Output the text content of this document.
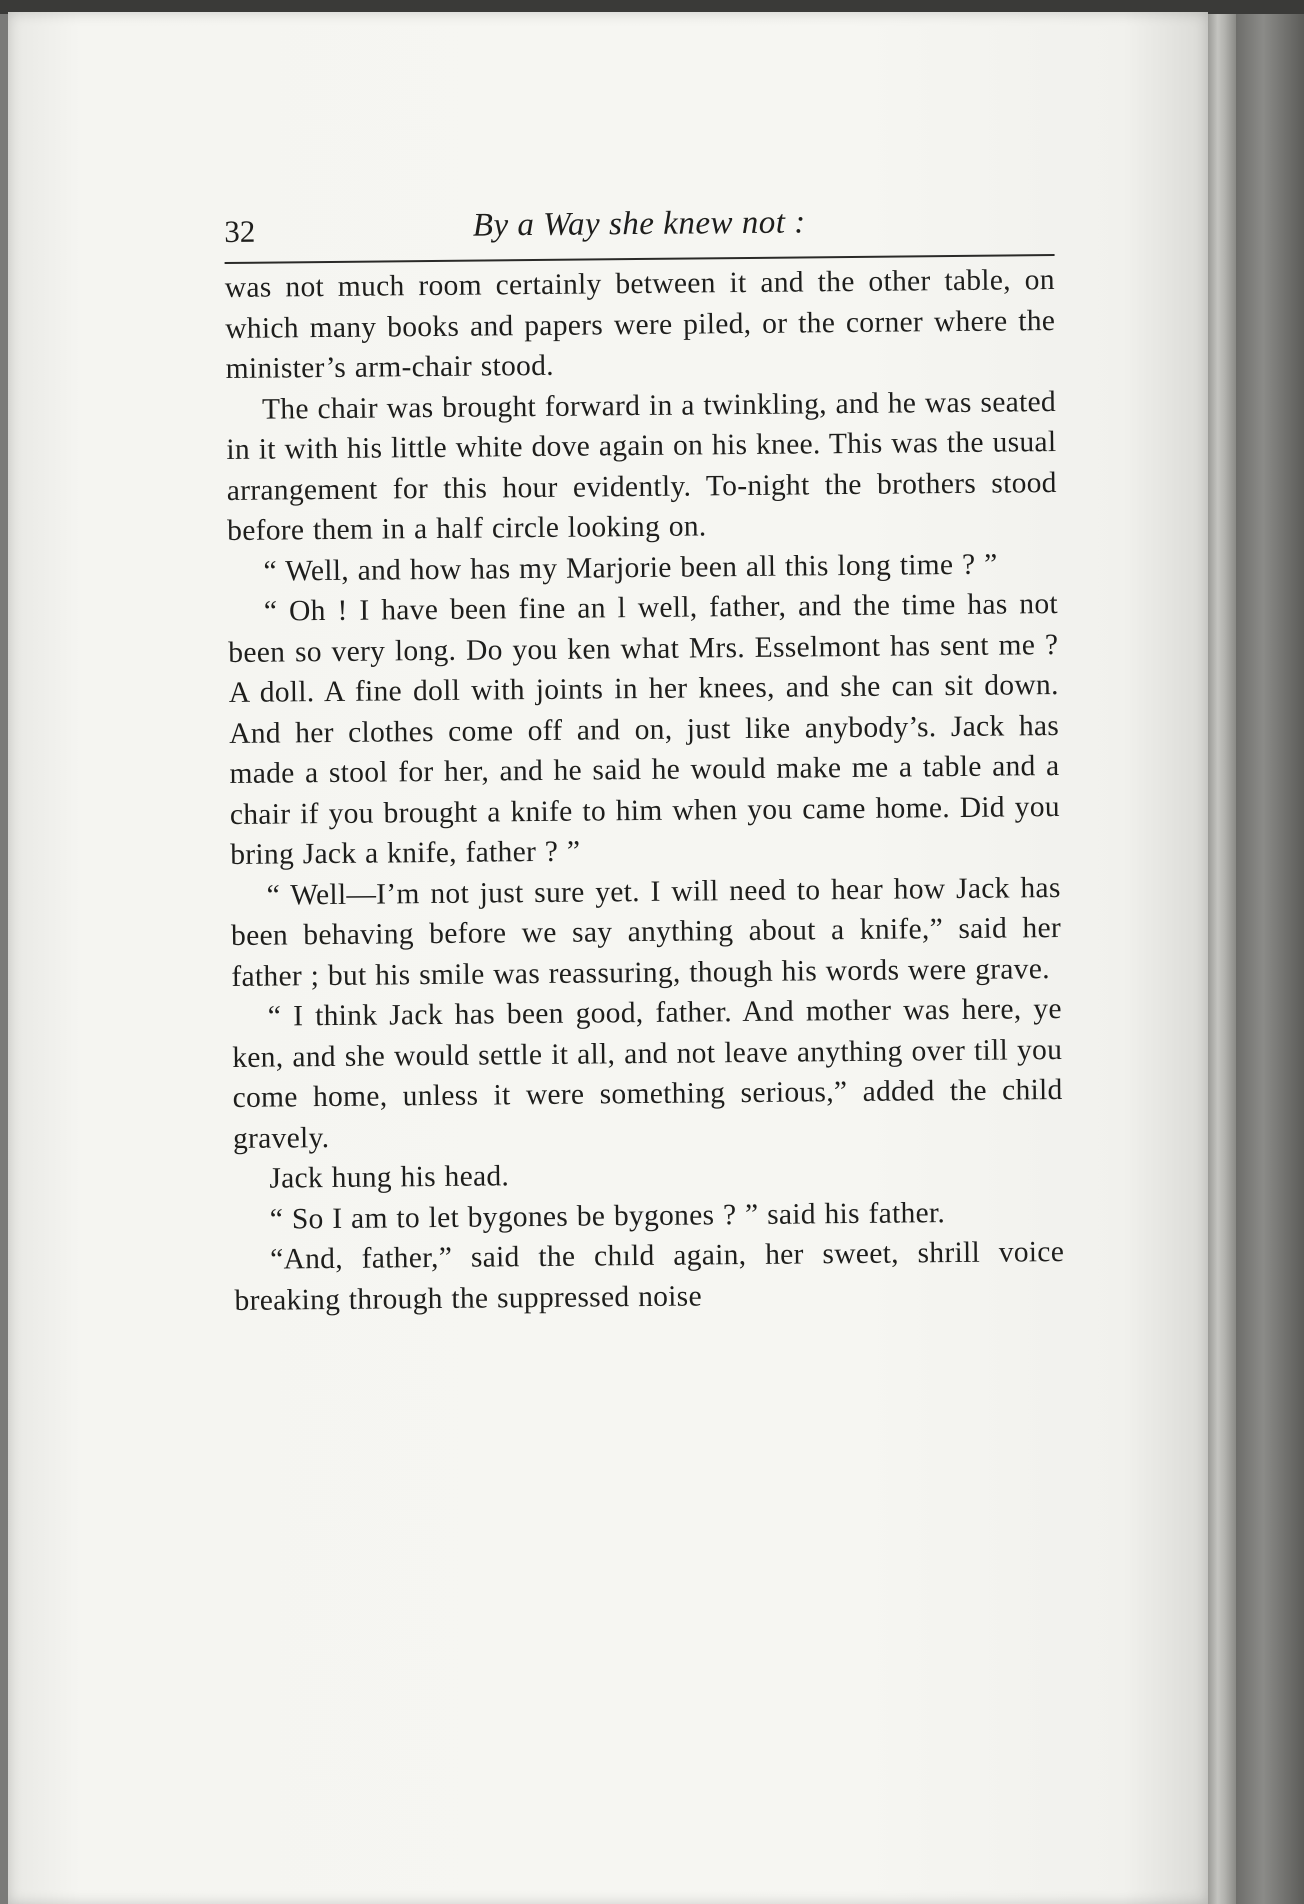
32	By a Way she knew not :

was not much room certainly between it and the other table, on which many books and papers were piled, or the corner where the minister’s arm-chair stood.

The chair was brought forward in a twinkling, and he was seated in it with his little white dove again on his knee. This was the usual arrangement for this hour evidently. To-night the brothers stood before them in a half circle looking on.

“ Well, and how has my Marjorie been all this long time ? ”

“ Oh ! I have been fine an l well, father, and the time has not been so very long. Do you ken what Mrs. Esselmont has sent me ? A doll. A fine doll with joints in her knees, and she can sit down. And her clothes come off and on, just like anybody’s. Jack has made a stool for her, and he said he would make me a table and a chair if you brought a knife to him when you came home. Did you bring Jack a knife, father ? ”

“ Well—I’m not just sure yet. I will need to hear how Jack has been behaving before we say anything about a knife,” said her father ; but his smile was reassuring, though his words were grave.

“ I think Jack has been good, father. And mother was here, ye ken, and she would settle it all, and not leave anything over till you come home, unless it were something serious,” added the child gravely.

Jack hung his head.

“ So I am to let bygones be bygones ? ” said his father.

“And, father,” said the chıld again, her sweet, shrill voice breaking through the suppressed noise
